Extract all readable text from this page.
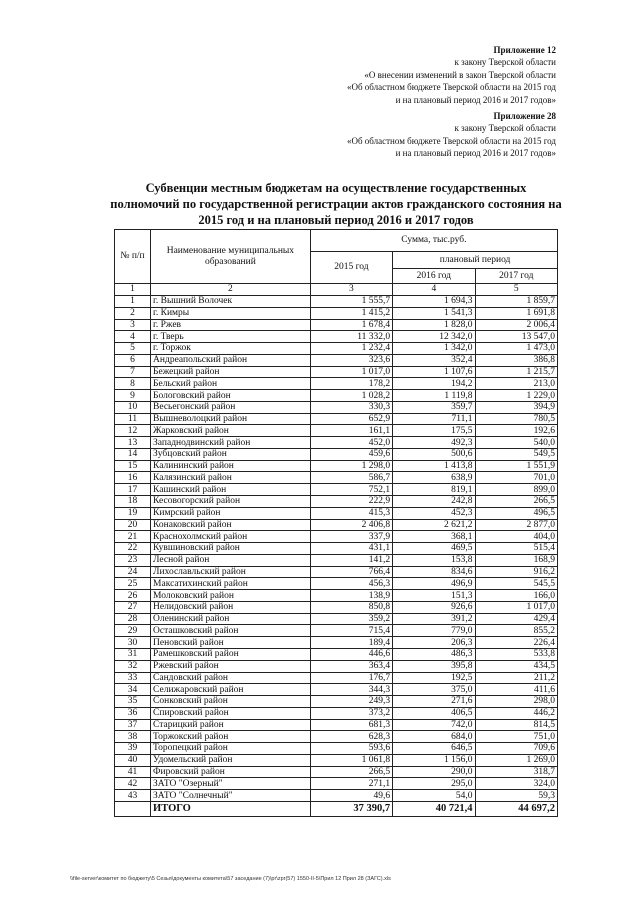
Приложение 12
к закону Тверской области
«О внесении изменений в закон Тверской области
«Об областном бюджете Тверской области на 2015 год
и на плановый период 2016 и 2017 годов»
Приложение 28
к закону Тверской области
«Об областном бюджете Тверской области на 2015 год
и на плановый период 2016 и 2017 годов»
Субвенции местным бюджетам на осуществление государственных полномочий по государственной регистрации актов гражданского состояния на 2015 год и на плановый период 2016 и 2017 годов
№ п/п	Наименование муниципальных образований	Сумма, тыс.руб.		
		2015 год	плановый период	
			2016 год	2017 год
1	2	3	4	5
1	г. Вышний Волочек	1 555,7	1 694,3	1 859,7
2	г. Кимры	1 415,2	1 541,3	1 691,8
3	г. Ржев	1 678,4	1 828,0	2 006,4
4	г. Тверь	11 332,0	12 342,0	13 547,0
5	г. Торжок	1 232,4	1 342,0	1 473,0
6	Андреапольский район	323,6	352,4	386,8
7	Бежецкий район	1 017,0	1 107,6	1 215,7
8	Бельский район	178,2	194,2	213,0
9	Бологовский район	1 028,2	1 119,8	1 229,0
10	Весьегонский район	330,3	359,7	394,9
11	Вышневолоцкий район	652,9	711,1	780,5
12	Жарковский район	161,1	175,5	192,6
13	Западнодвинский район	452,0	492,3	540,0
14	Зубцовский район	459,6	500,6	549,5
15	Калининский район	1 298,0	1 413,8	1 551,9
16	Калязинский район	586,7	638,9	701,0
17	Кашинский район	752,1	819,1	899,0
18	Кесовогорский район	222,9	242,8	266,5
19	Кимрский район	415,3	452,3	496,5
20	Конаковский район	2 406,8	2 621,2	2 877,0
21	Краснохолмский район	337,9	368,1	404,0
22	Кувшиновский район	431,1	469,5	515,4
23	Лесной район	141,2	153,8	168,9
24	Лихославльский район	766,4	834,6	916,2
25	Максатихинский район	456,3	496,9	545,5
26	Молоковский район	138,9	151,3	166,0
27	Нелидовский район	850,8	926,6	1 017,0
28	Оленинский район	359,2	391,2	429,4
29	Осташковский район	715,4	779,0	855,2
30	Пеновский район	189,4	206,3	226,4
31	Рамешковский район	446,6	486,3	533,8
32	Ржевский район	363,4	395,8	434,5
33	Сандовский район	176,7	192,5	211,2
34	Селижаровский район	344,3	375,0	411,6
35	Сонковский район	249,3	271,6	298,0
36	Спировский район	373,2	406,5	446,2
37	Старицкий район	681,3	742,0	814,5
38	Торжокский район	628,3	684,0	751,0
39	Торопецкий район	593,6	646,5	709,6
40	Удомельский район	1 061,8	1 156,0	1 269,0
41	Фировский район	266,5	290,0	318,7
42	ЗАТО "Озерный"	271,1	295,0	324,0
43	ЗАТО "Солнечный"	49,6	54,0	59,3
	ИТОГО	37 390,7	40 721,4	44 697,2
\\file-server\комитет по бюджету\5 Сезья\документы комитета\57 заседание (7)\pr\zpr(57) 1550-II-5\Прил 12 Прил 28 (ЗАГС).xls
